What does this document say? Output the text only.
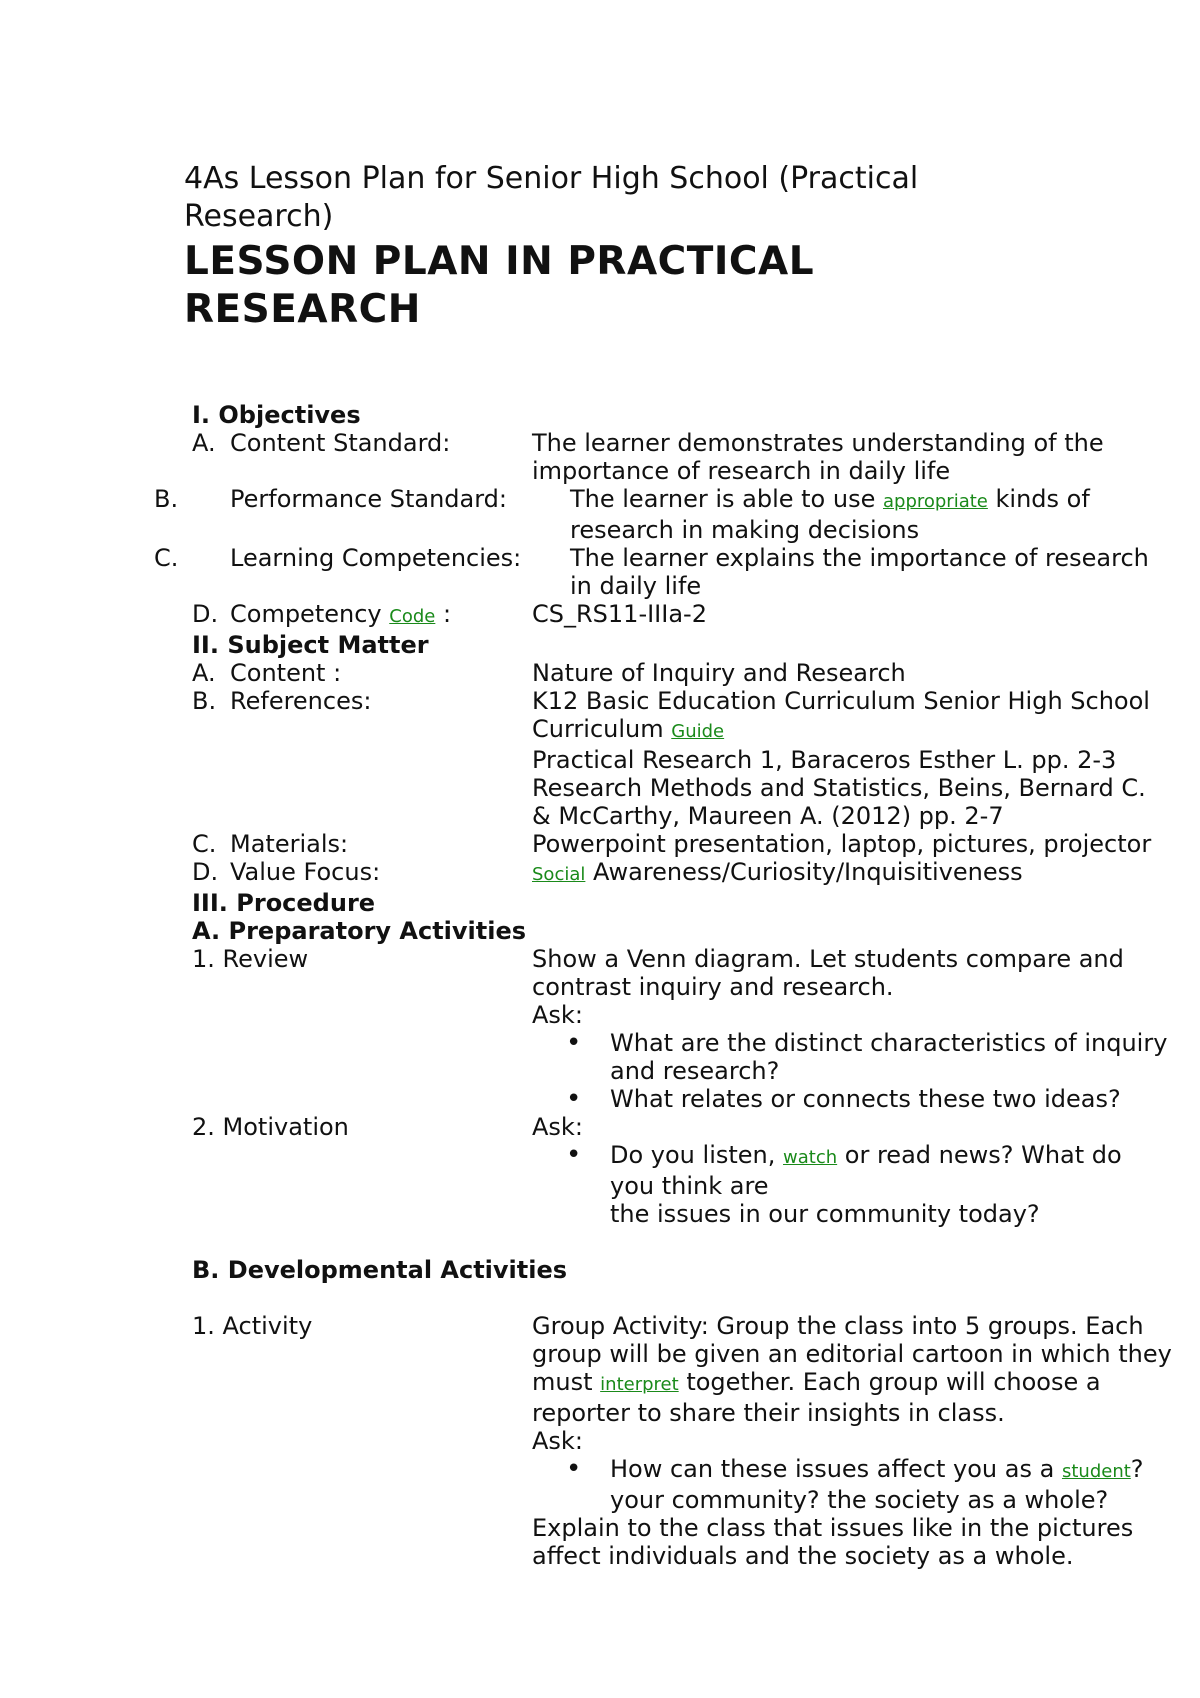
4As Lesson Plan for Senior High School (Practical Research)
LESSON PLAN IN PRACTICAL RESEARCH
I. Objectives
A. Content Standard:	The learner demonstrates understanding of the importance of research in daily life
B. Performance Standard:	The learner is able to use appropriate kinds of research in making decisions
C. Learning Competencies:	The learner explains the importance of research in daily life
D. Competency Code :	CS_RS11-IIIa-2
II. Subject Matter
A. Content :	Nature of Inquiry and Research
B. References:	K12 Basic Education Curriculum Senior High School Curriculum Guide
Practical Research 1, Baraceros Esther L. pp. 2-3
Research Methods and Statistics, Beins, Bernard C. & McCarthy, Maureen A. (2012) pp. 2-7
C. Materials:	Powerpoint presentation, laptop, pictures, projector
D. Value Focus:	Social Awareness/Curiosity/Inquisitiveness
III. Procedure
A. Preparatory Activities
1. Review	Show a Venn diagram. Let students compare and contrast inquiry and research.
Ask:
• What are the distinct characteristics of inquiry and research?
• What relates or connects these two ideas?
2. Motivation	Ask:
• Do you listen, watch or read news? What do you think are
the issues in our community today?
B. Developmental Activities
1. Activity	Group Activity: Group the class into 5 groups. Each group will be given an editorial cartoon in which they must interpret together. Each group will choose a reporter to share their insights in class.
Ask:
• How can these issues affect you as a student? your community? the society as a whole?
Explain to the class that issues like in the pictures affect individuals and the society as a whole.
